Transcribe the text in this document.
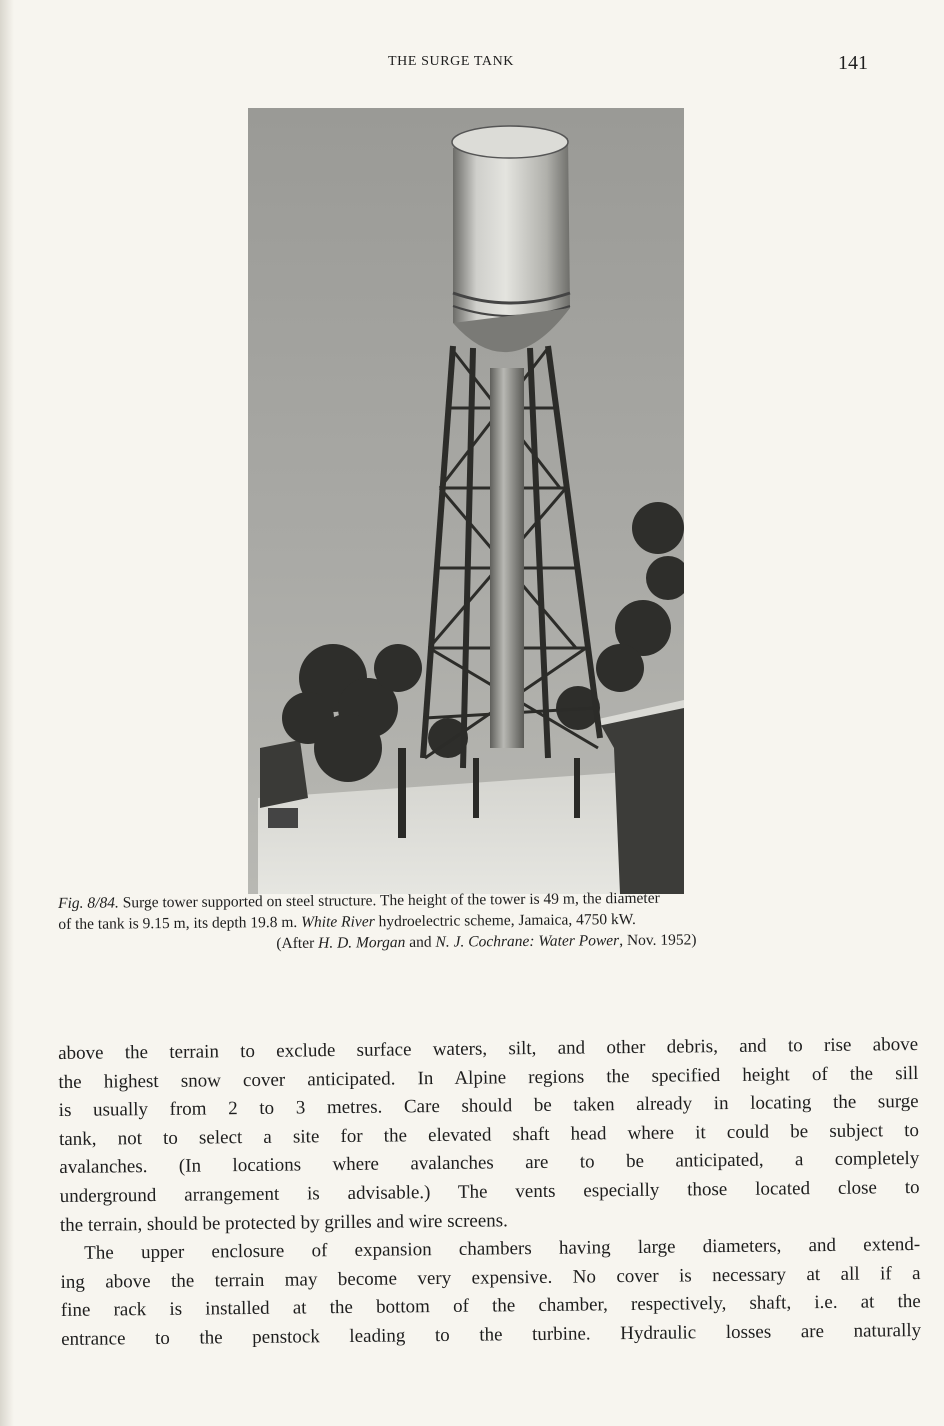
THE SURGE TANK	141
Fig. 8/84. Surge tower supported on steel structure. The height of the tower is 49 m, the diameter
of the tank is 9.15 m, its depth 19.8 m. White River hydroelectric scheme, Jamaica, 4750 kW.
(After H. D. Morgan and N. J. Cochrane: Water Power, Nov. 1952)

above the terrain to exclude surface waters, silt, and other debris, and to rise above
the highest snow cover anticipated. In Alpine regions the specified height of the sill
is usually from 2 to 3 metres. Care should be taken already in locating the surge
tank, not to select a site for the elevated shaft head where it could be subject to
avalanches. (In locations where avalanches are to be anticipated, a completely
underground arrangement is advisable.) The vents especially those located close to
the terrain, should be protected by grilles and wire screens.

The upper enclosure of expansion chambers having large diameters, and extend-
ing above the terrain may become very expensive. No cover is necessary at all if a
fine rack is installed at the bottom of the chamber, respectively, shaft, i.e. at the
entrance to the penstock leading to the turbine. Hydraulic losses are naturally
